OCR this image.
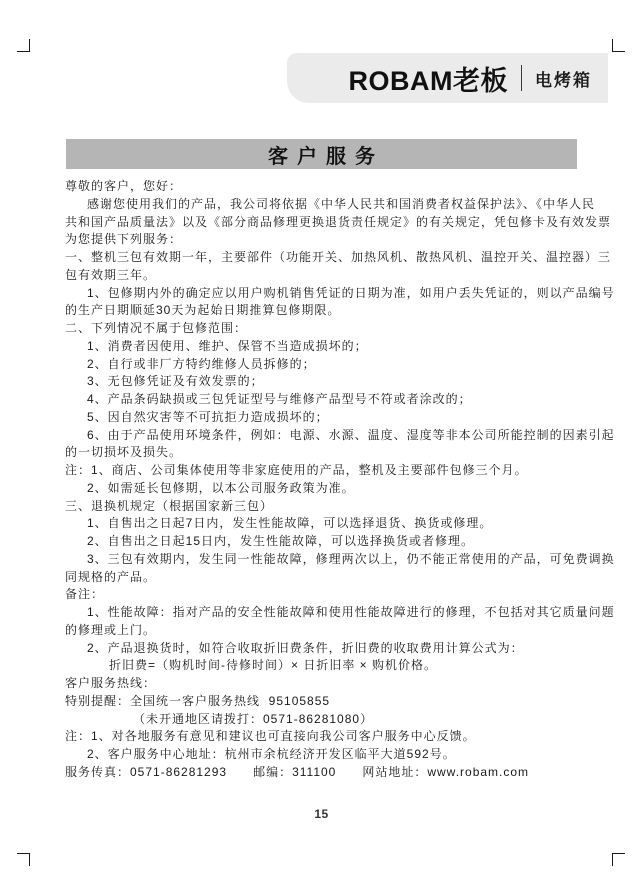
ROBAM老板 电烤箱
客户服务
尊敬的客户，您好：
感谢您使用我们的产品，我公司将依据《中华人民共和国消费者权益保护法》、《中华人民
共和国产品质量法》以及《部分商品修理更换退货责任规定》的有关规定，凭包修卡及有效发票
为您提供下列服务：
一、整机三包有效期一年，主要部件（功能开关、加热风机、散热风机、温控开关、温控器）三
包有效期三年。
1、包修期内外的确定应以用户购机销售凭证的日期为准，如用户丢失凭证的，则以产品编号
的生产日期顺延30天为起始日期推算包修期限。
二、下列情况不属于包修范围：
1、消费者因使用、维护、保管不当造成损坏的；
2、自行或非厂方特约维修人员拆修的；
3、无包修凭证及有效发票的；
4、产品条码缺损或三包凭证型号与维修产品型号不符或者涂改的；
5、因自然灾害等不可抗拒力造成损坏的；
6、由于产品使用环境条件，例如：电源、水源、温度、湿度等非本公司所能控制的因素引起
的一切损坏及损失。
注：1、商店、公司集体使用等非家庭使用的产品，整机及主要部件包修三个月。
2、如需延长包修期，以本公司服务政策为准。
三、退换机规定（根据国家新三包）
1、自售出之日起7日内，发生性能故障，可以选择退货、换货或修理。
2、自售出之日起15日内，发生性能故障，可以选择换货或者修理。
3、三包有效期内，发生同一性能故障，修理两次以上，仍不能正常使用的产品，可免费调换
同规格的产品。
备注：
1、性能故障：指对产品的安全性能故障和使用性能故障进行的修理，不包括对其它质量问题
的修理或上门。
2、产品退换货时，如符合收取折旧费条件，折旧费的收取费用计算公式为：
折旧费=（购机时间-待修时间）× 日折旧率 × 购机价格。
客户服务热线：
特别提醒：全国统一客户服务热线  95105855
（未开通地区请拨打：0571-86281080）
注：1、对各地服务有意见和建议也可直接向我公司客户服务中心反馈。
2、客户服务中心地址：杭州市余杭经济开发区临平大道592号。
服务传真：0571-86281293      邮编：311100      网站地址：www.robam.com
15
